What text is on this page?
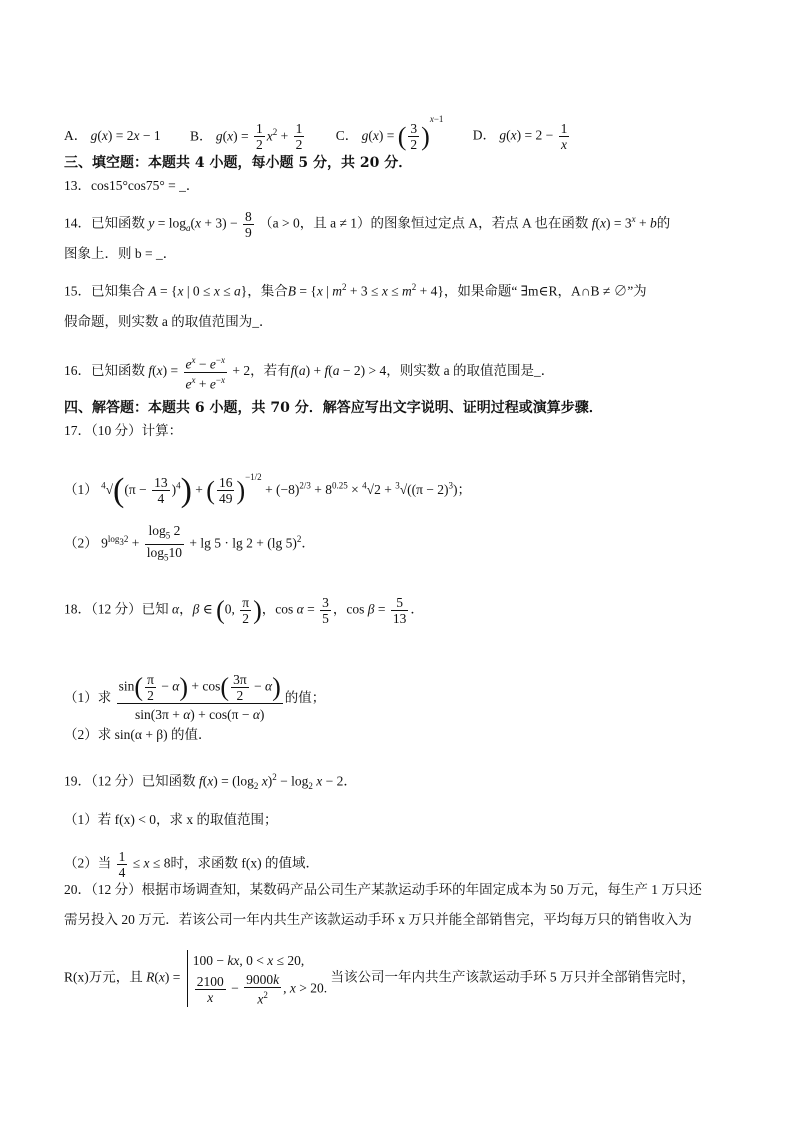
A． g(x) = 2x − 1 B． $g(x) = \frac{1}{2} x^2 + \frac{1}{2}$ C． g(x) = ( $\frac{3}{2} )^{x-1}$ D． $g(x) = 2 - \frac{1}{x}$
三、填空题：本题共 4 小题，每小题 5 分，共 20 分．
13．cos15°cos75° = _．
14．已知函数 $y = \log_a(x + 3) - \frac{8}{9} (a > 0$，且 a ≠ 1）的图象恒过定点 A，若点 A 也在函数 $f(x) = 3^x + b$的
图象上．则 b = _．
15．已知集合 A = {x | 0 ≤ x ≤ a}，集合B = {x | $m^2 + 3 \le x \le m^2 + 4$}，如果命题“ ∃m∈R，A∩B ≠ ∅”为
假命题，则实数 a 的取值范围为_．
16．已知函数 $f(x) = \frac{e^x - e^{-x}}{e^x + e^{-x}} + 2$，若有f(a) + f(a − 2) > 4，则实数 a 的取值范围是_．
四、解答题：本题共 6 小题，共 70 分．解答应写出文字说明、证明过程或演算步骤．
17．（10 分）计算：
（1） $^4√((\pi - \frac{13}{4} )^4)$ + ( $\frac{16}{49} )^{-1/2} + (-8)^{2/3} + 8^{0.25} \times ^4√2 + ^3√((\pi - 2)^3)$；
（2） $9^{log_32} + \frac{\log_5 2}{\log_510} + \lg 5 \cdot \lg 2 + (\lg$ 5)$^2$．
18．（12 分）已知 α，β ∈ (0, $\frac{\pi}{2}$ )，$\cos \alpha = \frac{3}{5}$ ，$\cos \beta = \frac{5}{13}$ ．
（1）求 $\frac{\sin( \frac{\pi}{2} - \alpha) + \cos( \frac{3\pi}{2} - \alpha)}{\sin(3\pi + \alpha) + \cos(\pi - \alpha)}$ 的值；
（2）求 sin(α + β) 的值．
19．（12 分）已知函数 $f(x) = (\log_2$ $x)^2 - \log_2 x - 2$．
（1）若 f(x) < 0，求 x 的取值范围；
（2）当 $\frac{1}{4} \le x \le 8$时，求函数 f(x) 的值域．
20．（12 分）根据市场调查知，某数码产品公司生产某款运动手环的年固定成本为 50 万元，每生产 1 万只还
需另投入 20 万元．若该公司一年内共生产该款运动手环 x 万只并能全部销售完，平均每万只的销售收入为
R(x)万元，且 R(x) =
100 − kx, 0 < x ≤ 20,
$\frac{2100}{x} - \frac{9000k}{x^2}$ , x > 20.
当该公司一年内共生产该款运动手环 5 万只并全部销售完时，
